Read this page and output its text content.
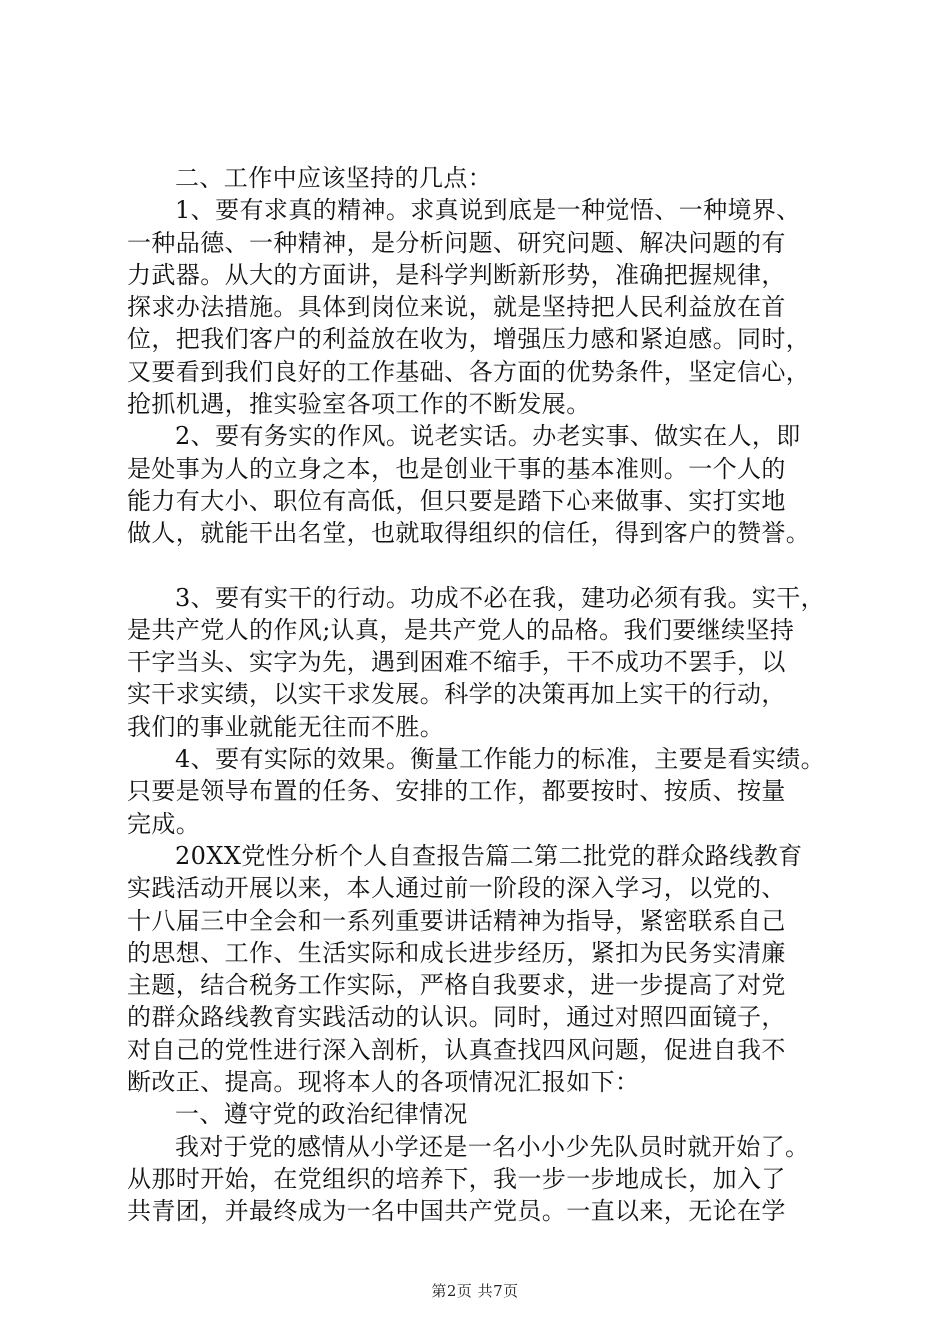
二、工作中应该坚持的几点：
1、要有求真的精神。求真说到底是一种觉悟、一种境界、
一种品德、一种精神，是分析问题、研究问题、解决问题的有
力武器。从大的方面讲，是科学判断新形势，准确把握规律，
探求办法措施。具体到岗位来说，就是坚持把人民利益放在首
位，把我们客户的利益放在收为，增强压力感和紧迫感。同时，
又要看到我们良好的工作基础、各方面的优势条件，坚定信心，
抢抓机遇，推实验室各项工作的不断发展。
2、要有务实的作风。说老实话。办老实事、做实在人，即
是处事为人的立身之本，也是创业干事的基本准则。一个人的
能力有大小、职位有高低，但只要是踏下心来做事、实打实地
做人，就能干出名堂，也就取得组织的信任，得到客户的赞誉。
3、要有实干的行动。功成不必在我，建功必须有我。实干，
是共产党人的作风;认真，是共产党人的品格。我们要继续坚持
干字当头、实字为先，遇到困难不缩手，干不成功不罢手，以
实干求实绩，以实干求发展。科学的决策再加上实干的行动，
我们的事业就能无往而不胜。
4、要有实际的效果。衡量工作能力的标准，主要是看实绩。
只要是领导布置的任务、安排的工作，都要按时、按质、按量
完成。
20XX党性分析个人自查报告篇二第二批党的群众路线教育
实践活动开展以来，本人通过前一阶段的深入学习，以党的、
十八届三中全会和一系列重要讲话精神为指导，紧密联系自己
的思想、工作、生活实际和成长进步经历，紧扣为民务实清廉
主题，结合税务工作实际，严格自我要求，进一步提高了对党
的群众路线教育实践活动的认识。同时，通过对照四面镜子，
对自己的党性进行深入剖析，认真查找四风问题，促进自我不
断改正、提高。现将本人的各项情况汇报如下：
一、遵守党的政治纪律情况
我对于党的感情从小学还是一名小小少先队员时就开始了。
从那时开始，在党组织的培养下，我一步一步地成长，加入了
共青团，并最终成为一名中国共产党员。一直以来，无论在学
第2页 共7页
